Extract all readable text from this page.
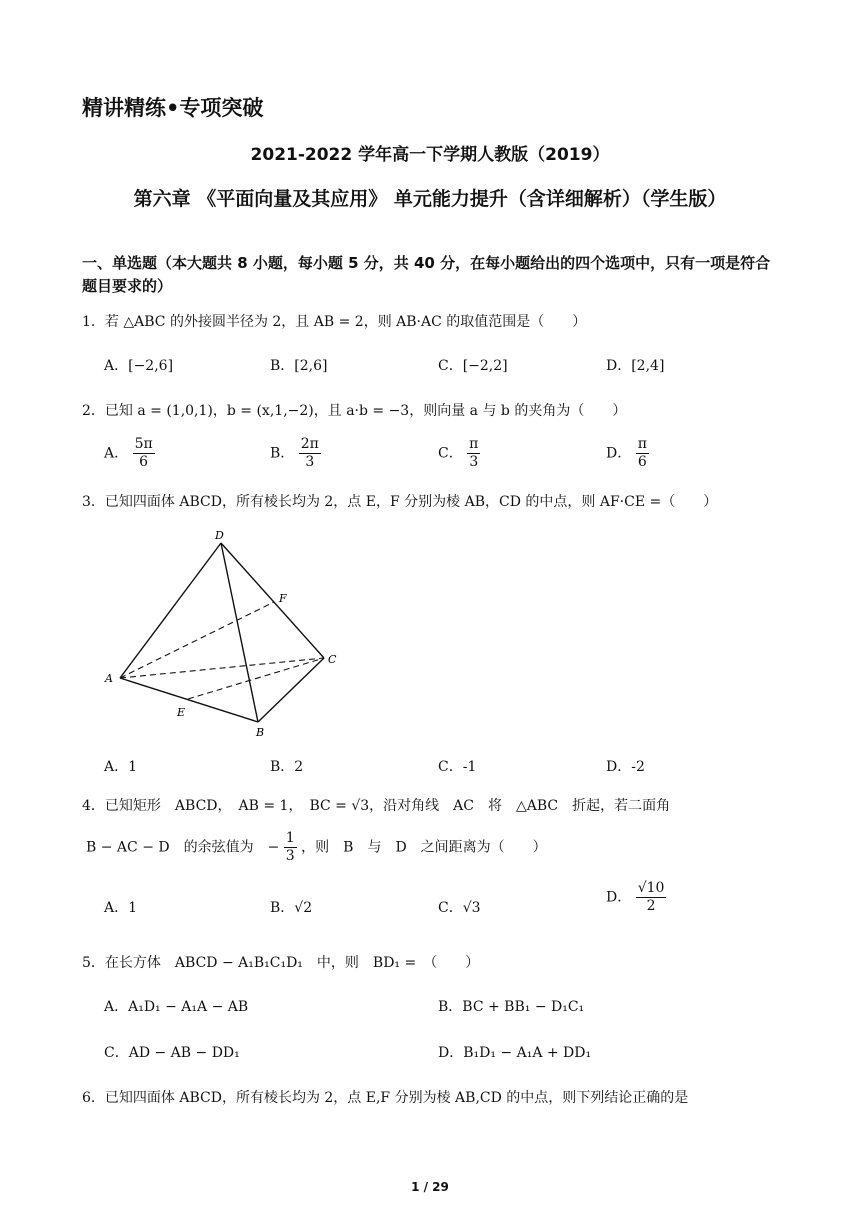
精讲精练•专项突破
2021-2022 学年高一下学期人教版（2019）
第六章 《平面向量及其应用》 单元能力提升（含详细解析）（学生版）
一、单选题（本大题共 8 小题，每小题 5 分，共 40 分，在每小题给出的四个选项中，只有一项是符合题目要求的）
1．若 △ABC 的外接圆半径为 2，且 AB = 2，则 AB·AC 的取值范围是（　　）
A．[−2,6]	B．[2,6]	C．[−2,2]	D．[2,4]
2．已知 a = (1,0,1)，b = (x,1,−2)，且 a·b = −3，则向量 a 与 b 的夹角为（　　）
A． $\frac{5\pi}{6}$	B． $\frac{2\pi}{3}$	C． $\frac{\pi}{3}$	D． $\frac{\pi}{6}$
3．已知四面体 ABCD，所有棱长均为 2，点 E，F 分别为棱 AB，CD 的中点，则 AF·CE =（　　）
D
F
C
A
E
B
A．1	B．2	C．-1	D．-2
4．已知矩形　ABCD，　AB = 1，　BC = √3，沿对角线　AC　将　△ABC　折起，若二面角
B − AC − D　的余弦值为　− $\frac{1}{3}$ ，则　B　与　D　之间距离为（　　）
A．1	B．√2	C．√3
D． $\frac{√10}{2}$
5．在长方体　ABCD − A₁B₁C₁D₁　中，则　BD₁ =　（　　）
A．A₁D₁ − A₁A − AB	B．BC + BB₁ − D₁C₁
C．AD − AB − DD₁	D．B₁D₁ − A₁A + DD₁
6．已知四面体 ABCD，所有棱长均为 2，点 E,F 分别为棱 AB,CD 的中点，则下列结论正确的是
1 / 29
